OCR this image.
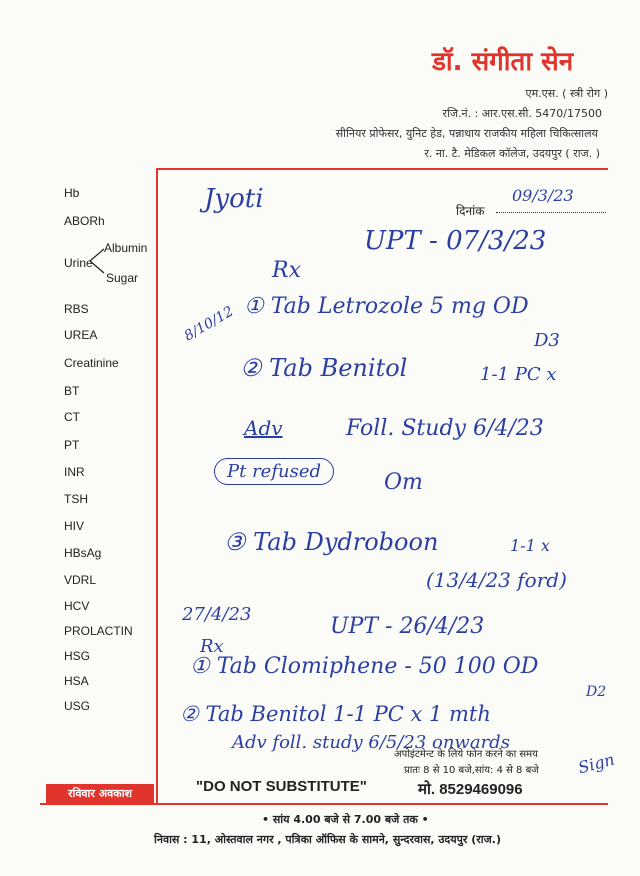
डॉ. संगीता सेन
एम.एस. ( स्त्री रोग )
रजि.नं. : आर.एस.सी. 5470/17500
सीनियर प्रोफेसर, युनिट हेड, पन्नाधाय राजकीय महिला चिकित्सालय
र. ना. टै. मेडिकल कॉलेज, उदयपुर ( राज. )
Hb
ABORh
Albumin
Urine
Sugar
RBS
UREA
Creatinine
BT
CT
PT
INR
TSH
HIV
HBsAg
VDRL
HCV
PROLACTIN
HSG
HSA
USG
दिनांक
09/3/23
Jyoti
UPT - 07/3/23
Rx
8/10/12 ① Tab Letrozole 5 mg OD
D3
② Tab Benitol	1-1 PC x
Adv	Foll. Study 6/4/23
Pt refused	Om
③ Tab Dydroboon	1-1 x
(13/4/23 ford)
27/4/23	UPT - 26/4/23
Rx
① Tab Clomiphene - 50 100 OD
D2
② Tab Benitol 1-1 PC x 1 mth
Adv foll. study 6/5/23 onwards
Sign
रविवार अवकाश	"DO NOT SUBSTITUTE"
अपोइंटमेन्ट के लिये फोन करने का समय
प्रातः 8 से 10 बजे,सांय: 4 से 8 बजे
मो. 8529469096
• सांय 4.00 बजे से 7.00 बजे तक •
निवास : 11, ओस्तवाल नगर , पत्रिका ऑफिस के सामने, सुन्दरवास, उदयपुर (राज.)
